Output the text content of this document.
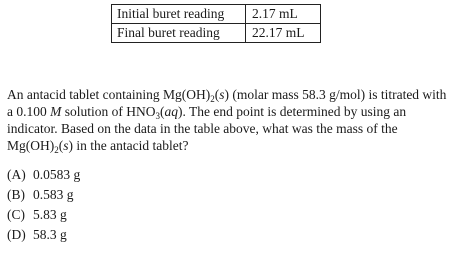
Initial buret reading	2.17 mL
Final buret reading	22.17 mL

An antacid tablet containing $Mg(OH)_2(s)$ (molar mass 58.3 g/mol) is titrated with a 0.100 M solution of $HNO_3(aq)$. The end point is determined by using an indicator. Based on the data in the table above, what was the mass of the $Mg(OH)_2(s)$ in the antacid tablet?

(A) 0.0583 g
(B) 0.583 g
(C) 5.83 g
(D) 58.3 g
